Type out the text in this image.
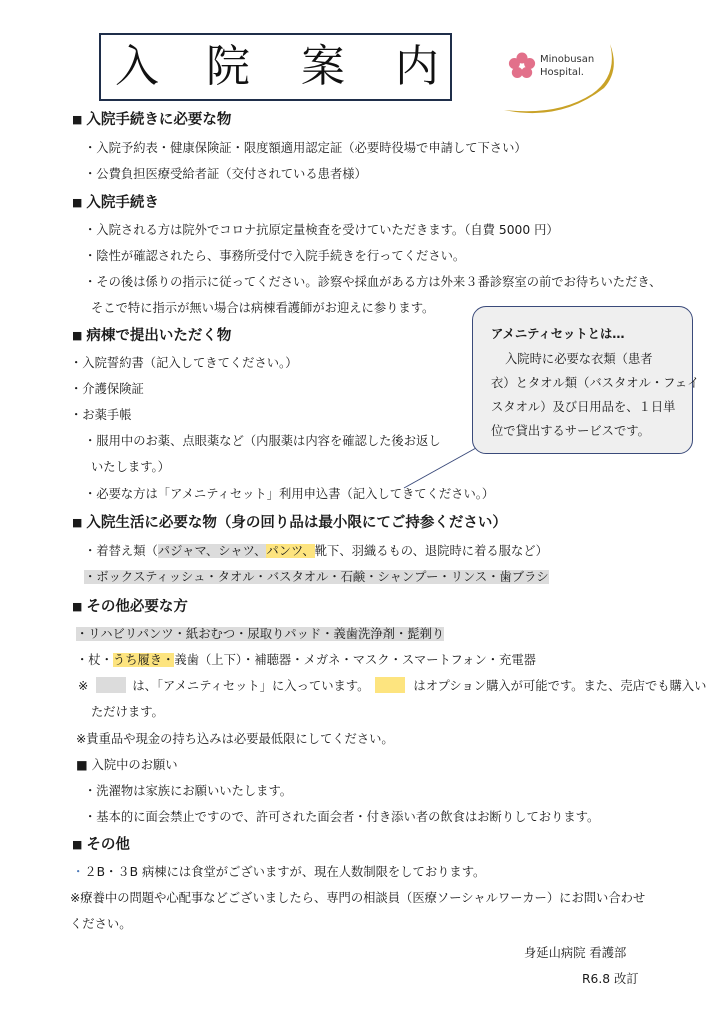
入 院 案 内	Minobusan
Hospital.
■ 入院手続きに必要な物
・入院予約表・健康保険証・限度額適用認定証（必要時役場で申請して下さい）
・公費負担医療受給者証（交付されている患者様）
■ 入院手続き
・入院される方は院外でコロナ抗原定量検査を受けていただきます。（自費 5000 円）
・陰性が確認されたら、事務所受付で入院手続きを行ってください。
・その後は係りの指示に従ってください。診察や採血がある方は外来３番診察室の前でお待ちいただき、
そこで特に指示が無い場合は病棟看護師がお迎えに参ります。
■ 病棟で提出いただく物
・入院誓約書（記入してきてください。）
・介護保険証
・お薬手帳
・服用中のお薬、点眼薬など（内服薬は内容を確認した後お返し
いたします。）
・必要な方は「アメニティセット」利用申込書（記入してきてください。）
アメニティセットとは…
入院時に必要な衣類（患者
衣）とタオル類（バスタオル・フェイ
スタオル）及び日用品を、１日単
位で貸出するサービスです。
■ 入院生活に必要な物（身の回り品は最小限にてご持参ください）
・着替え類（パジャマ、シャツ、パンツ、靴下、羽織るもの、退院時に着る服など）
・ボックスティッシュ・タオル・バスタオル・石鹸・シャンプー・リンス・歯ブラシ
■ その他必要な方
・リハビリパンツ・紙おむつ・尿取りパッド・義歯洗浄剤・髭剃り
・杖・うち履き・義歯（上下）・補聴器・メガネ・マスク・スマートフォン・充電器
※	は、「アメニティセット」に入っています。	はオプション購入が可能です。また、売店でも購入い
ただけます。
※貴重品や現金の持ち込みは必要最低限にしてください。
■ 入院中のお願い
・洗濯物は家族にお願いいたします。
・基本的に面会禁止ですので、許可された面会者・付き添い者の飲食はお断りしております。
■ その他
・２B・３B 病棟には食堂がございますが、現在人数制限をしております。
※療養中の問題や心配事などございましたら、専門の相談員（医療ソーシャルワーカー）にお問い合わせ
ください。
身延山病院 看護部
R6.8 改訂
